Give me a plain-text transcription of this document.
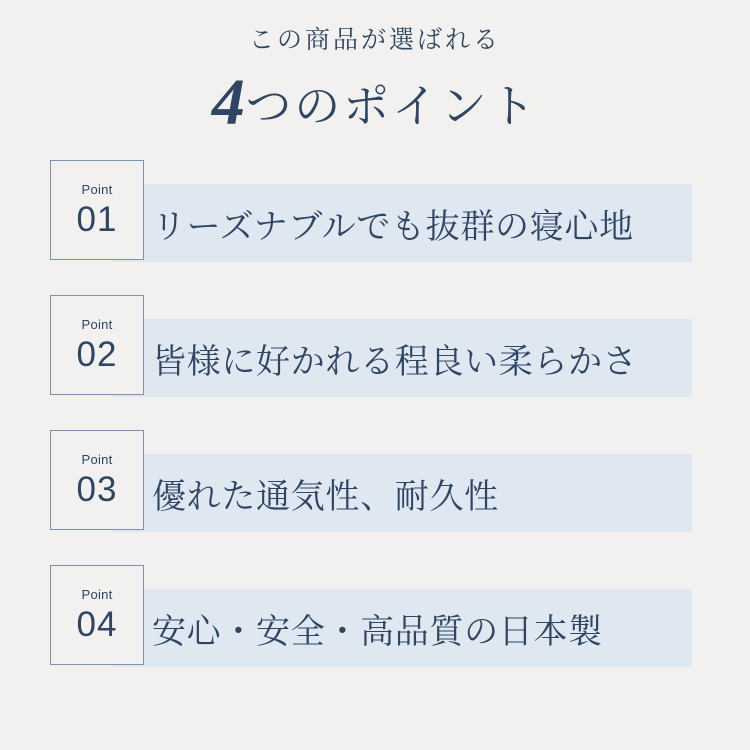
この商品が選ばれる
4つのポイント
Point
01 リーズナブルでも抜群の寝心地
Point
02 皆様に好かれる程良い柔らかさ
Point
03 優れた通気性、耐久性
Point
04 安心・安全・高品質の日本製
